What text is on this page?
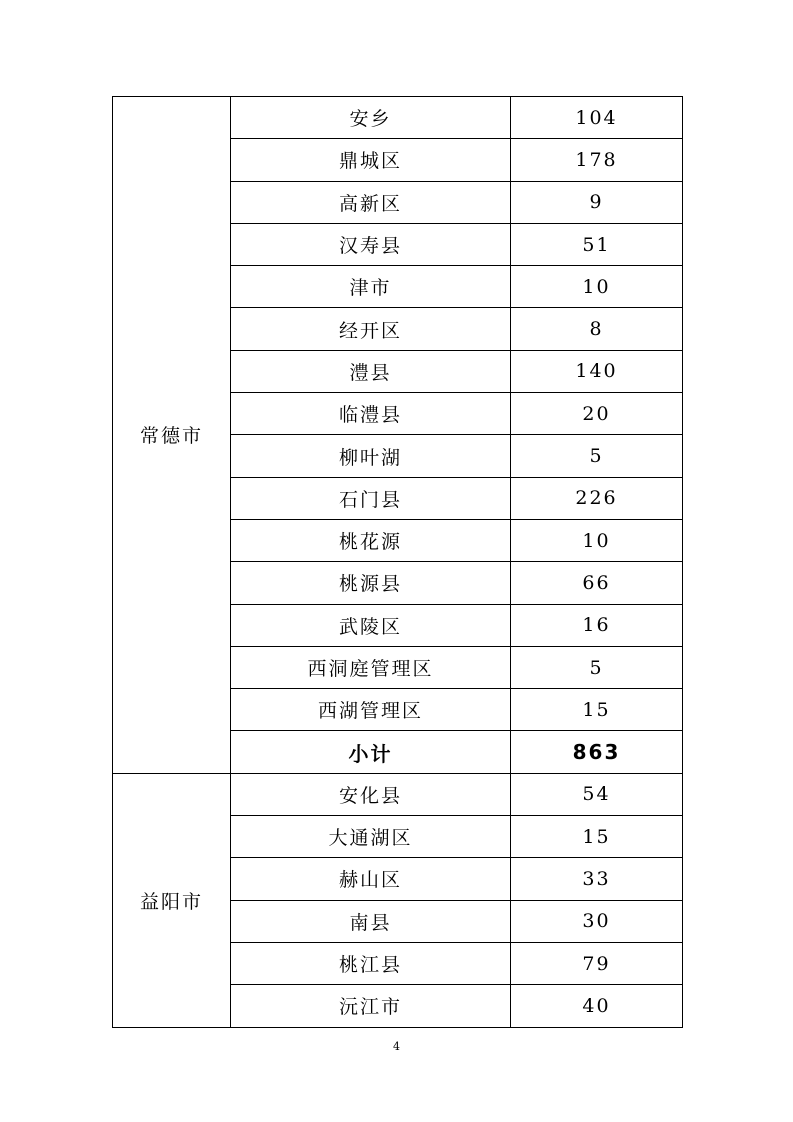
常德市	安乡	104
	鼎城区	178
	高新区	9
	汉寿县	51
	津市	10
	经开区	8
	澧县	140
	临澧县	20
	柳叶湖	5
	石门县	226
	桃花源	10
	桃源县	66
	武陵区	16
	西洞庭管理区	5
	西湖管理区	15
	小计	863
益阳市	安化县	54
	大通湖区	15
	赫山区	33
	南县	30
	桃江县	79
	沅江市	40
4
